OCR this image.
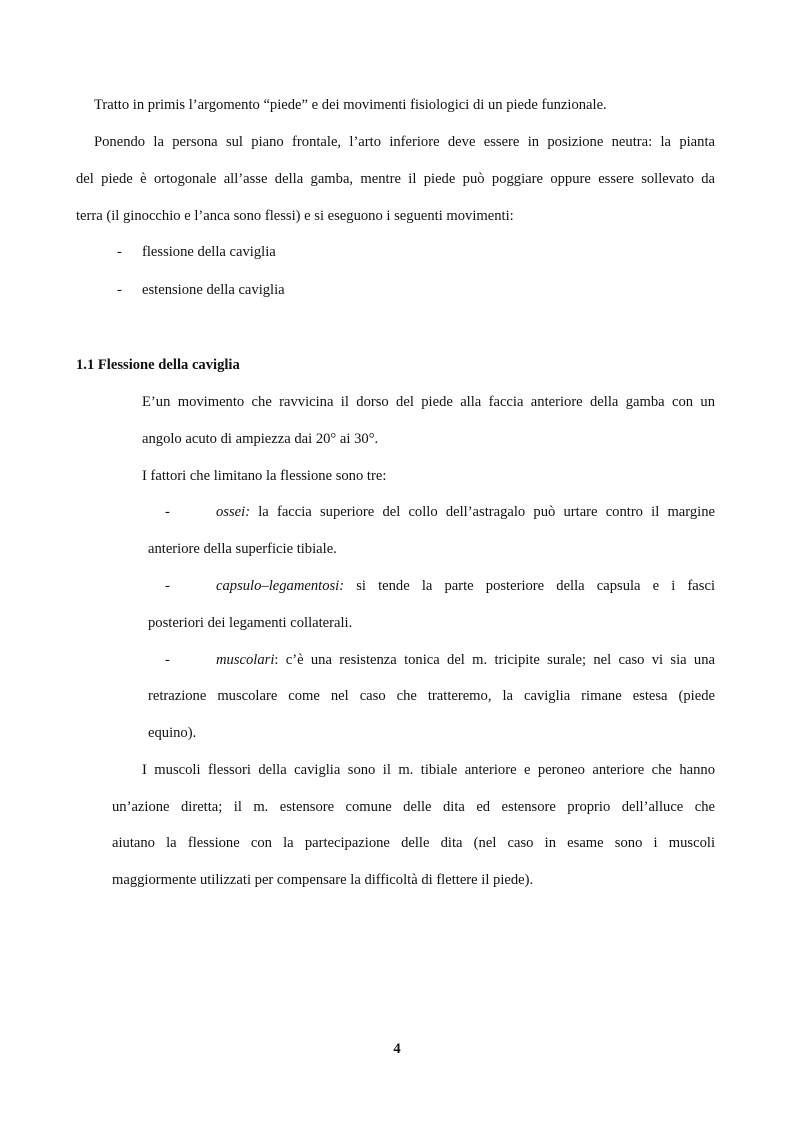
Tratto in primis l’argomento “piede” e dei movimenti fisiologici di un piede funzionale.
Ponendo la persona sul piano frontale, l’arto inferiore deve essere in posizione neutra: la pianta
del piede è ortogonale all’asse della gamba, mentre il piede può poggiare oppure essere sollevato da
terra (il ginocchio e l’anca sono flessi) e si eseguono i seguenti movimenti:
- flessione della caviglia
- estensione della caviglia
1.1 Flessione della caviglia
E’un movimento che ravvicina il dorso del piede alla faccia anteriore della gamba con un
angolo acuto di ampiezza dai 20° ai 30°.
I fattori che limitano la flessione sono tre:
-	ossei: la faccia superiore del collo dell’astragalo può urtare contro il margine
anteriore della superficie tibiale.
-	capsulo–legamentosi: si tende la parte posteriore della capsula e i fasci
posteriori dei legamenti collaterali.
-	muscolari: c’è una resistenza tonica del m. tricipite surale; nel caso vi sia una
retrazione muscolare come nel caso che tratteremo, la caviglia rimane estesa (piede
equino).
I muscoli flessori della caviglia sono il m. tibiale anteriore e peroneo anteriore che hanno
un’azione diretta; il m. estensore comune delle dita ed estensore proprio dell’alluce che
aiutano la flessione con la partecipazione delle dita (nel caso in esame sono i muscoli
maggiormente utilizzati per compensare la difficoltà di flettere il piede).
4
